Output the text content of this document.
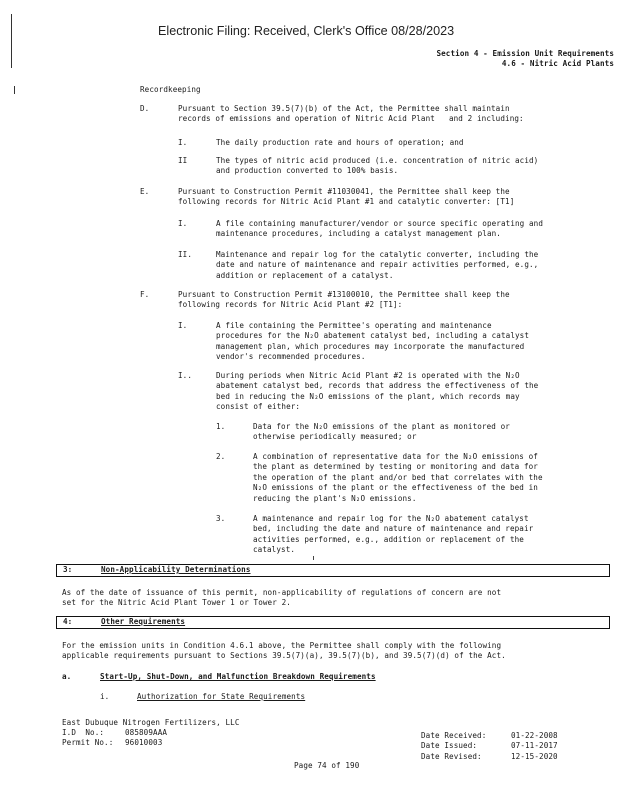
Electronic Filing: Received, Clerk's Office 08/28/2023
Section 4 - Emission Unit Requirements
4.6 - Nitric Acid Plants
Recordkeeping
D.	Pursuant to Section 39.5(7)(b) of the Act, the Permittee shall maintain
records of emissions and operation of Nitric Acid Plant   and 2 including:
I.	The daily production rate and hours of operation; and
II	The types of nitric acid produced (i.e. concentration of nitric acid)
and production converted to 100% basis.
E.	Pursuant to Construction Permit #11030041, the Permittee shall keep the
following records for Nitric Acid Plant #1 and catalytic converter: [T1]
I.	A file containing manufacturer/vendor or source specific operating and
maintenance procedures, including a catalyst management plan.
II.	Maintenance and repair log for the catalytic converter, including the
date and nature of maintenance and repair activities performed, e.g.,
addition or replacement of a catalyst.
F.	Pursuant to Construction Permit #13100010, the Permittee shall keep the
following records for Nitric Acid Plant #2 [T1]:
I.	A file containing the Permittee's operating and maintenance
procedures for the N₂O abatement catalyst bed, including a catalyst
management plan, which procedures may incorporate the manufactured
vendor's recommended procedures.
I..	During periods when Nitric Acid Plant #2 is operated with the N₂O
abatement catalyst bed, records that address the effectiveness of the
bed in reducing the N₂O emissions of the plant, which records may
consist of either:
1.	Data for the N₂O emissions of the plant as monitored or
otherwise periodically measured; or
2.	A combination of representative data for the N₂O emissions of
the plant as determined by testing or monitoring and data for
the operation of the plant and/or bed that correlates with the
N₂O emissions of the plant or the effectiveness of the bed in
reducing the plant's N₂O emissions.
3.	A maintenance and repair log for the N₂O abatement catalyst
bed, including the date and nature of maintenance and repair
activities performed, e.g., addition or replacement of the
catalyst.
3:	Non-Applicability Determinations
As of the date of issuance of this permit, non-applicability of regulations of concern are not
set for the Nitric Acid Plant Tower 1 or Tower 2.
4:	Other Requirements
For the emission units in Condition 4.6.1 above, the Permittee shall comply with the following
applicable requirements pursuant to Sections 39.5(7)(a), 39.5(7)(b), and 39.5(7)(d) of the Act.
a.	Start-Up, Shut-Down, and Malfunction Breakdown Requirements
i.	Authorization for State Requirements
East Dubuque Nitrogen Fertilizers, LLC
I.D  No.:	085809AAA
Permit No.: 96010003
Date Received:	01-22-2008
Date Issued:	07-11-2017
Date Revised:	12-15-2020
Page 74 of 190
